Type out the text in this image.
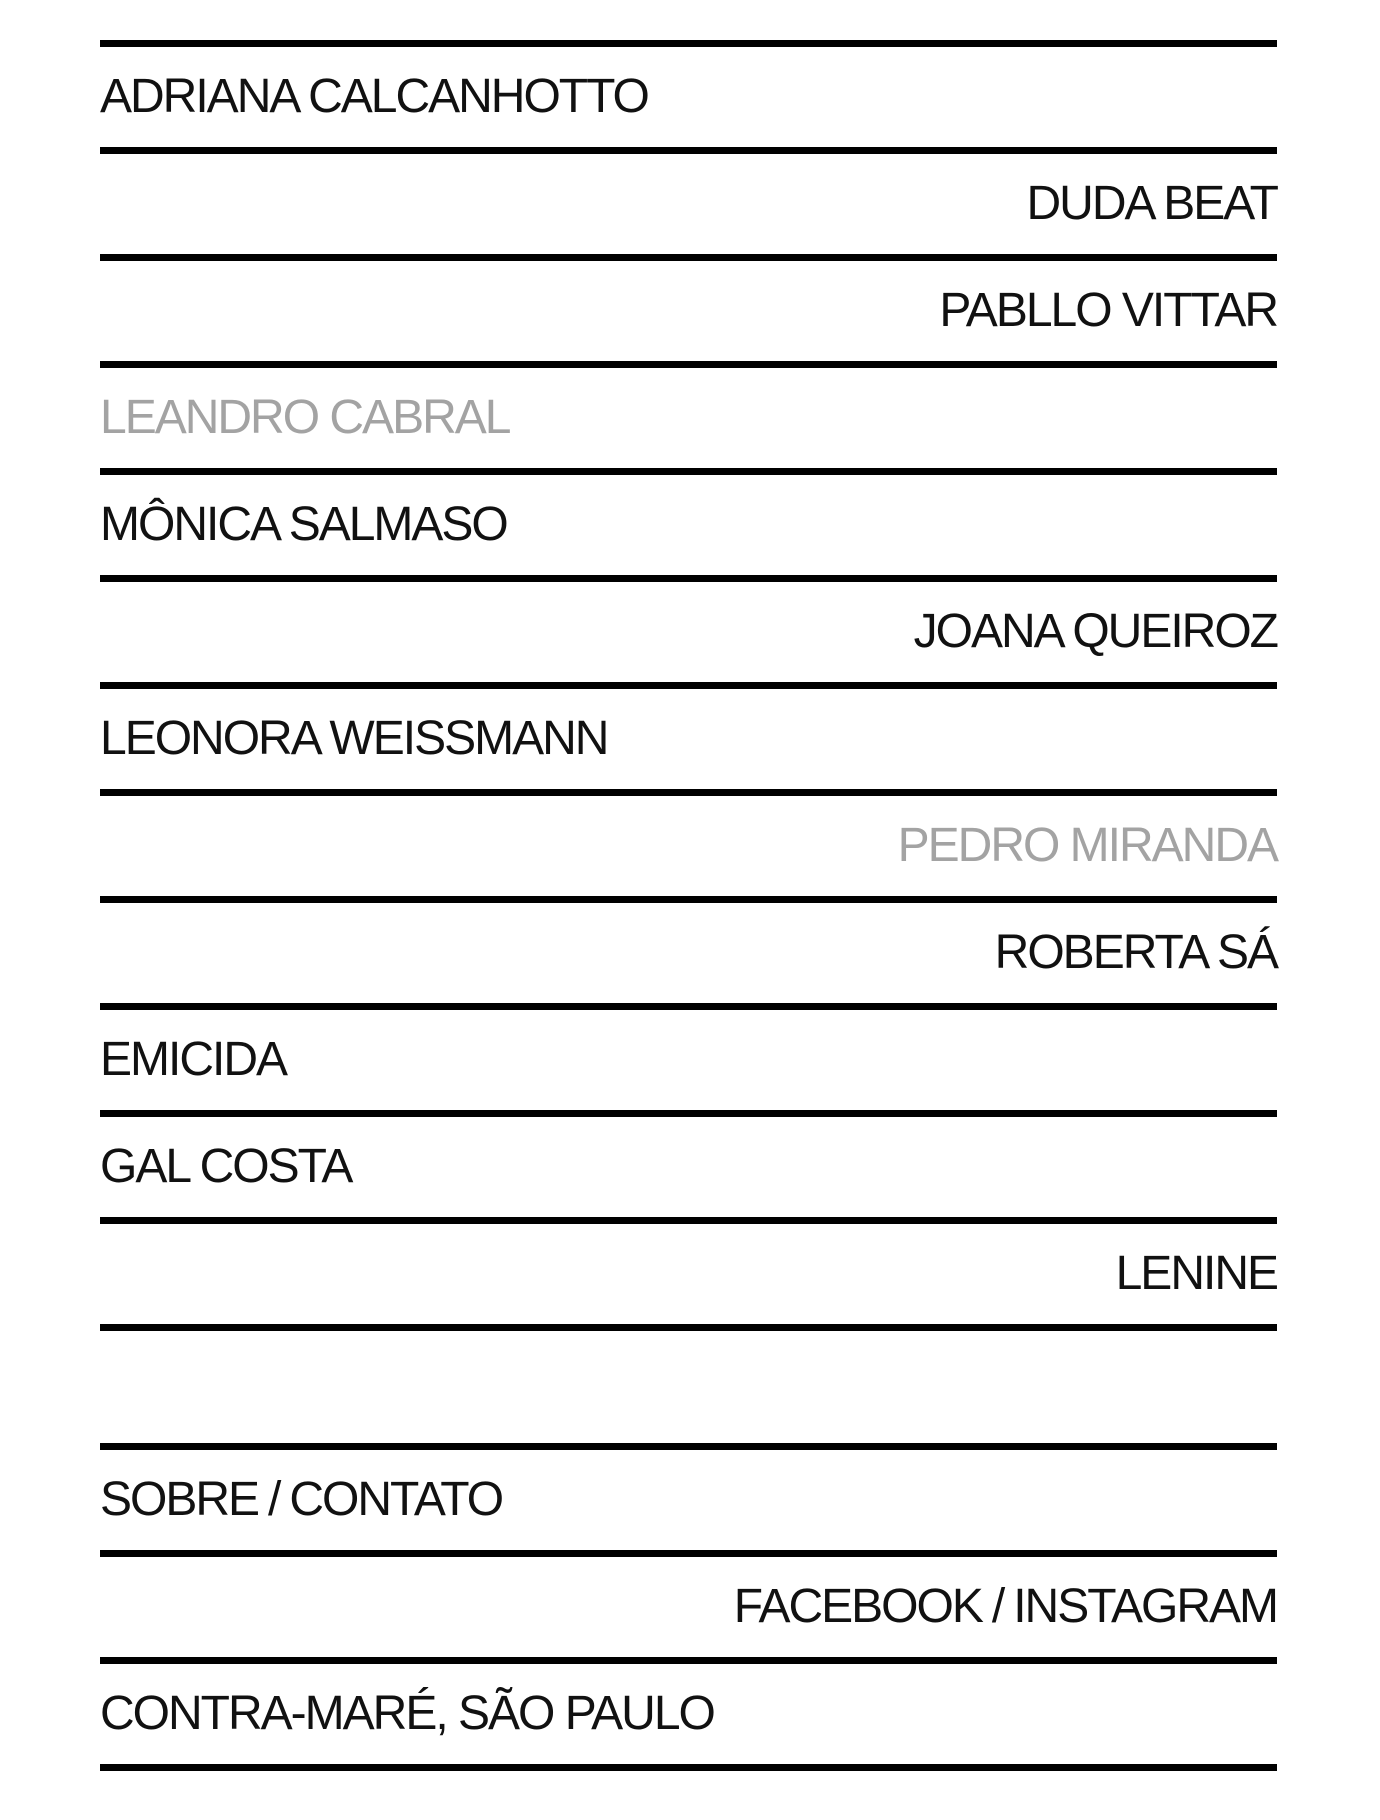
ADRIANA CALCANHOTTO
DUDA BEAT
PABLLO VITTAR
LEANDRO CABRAL
MÔNICA SALMASO
JOANA QUEIROZ
LEONORA WEISSMANN
PEDRO MIRANDA
ROBERTA SÁ
EMICIDA
GAL COSTA
LENINE
SOBRE / CONTATO
FACEBOOK / INSTAGRAM
CONTRA-MARÉ, SÃO PAULO
